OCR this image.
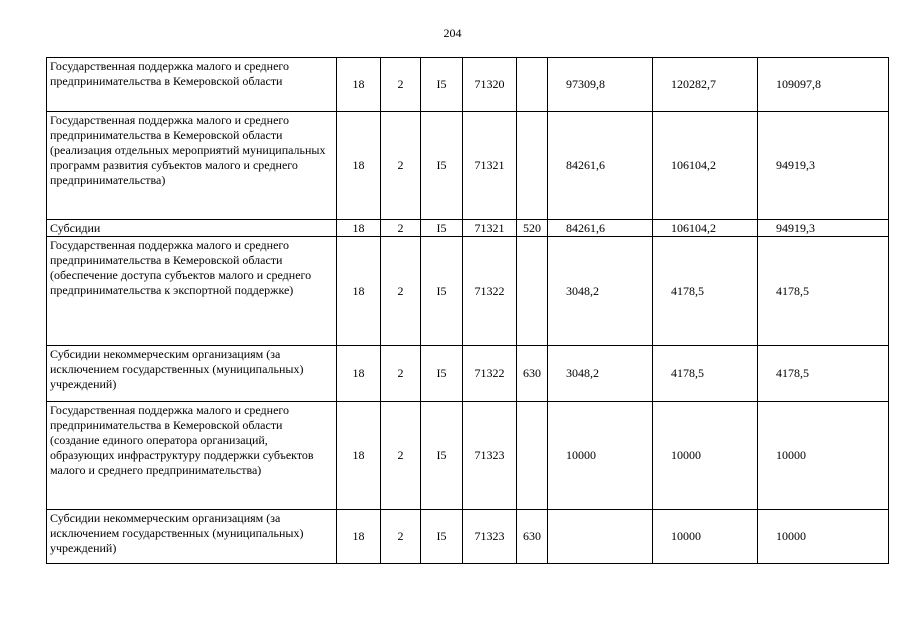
204
Государственная поддержка малого и среднего предпринимательства в Кемеровской области	18	2	I5	71320		97309,8	120282,7	109097,8
Государственная поддержка малого и среднего предпринимательства в Кемеровской области (реализация отдельных мероприятий муниципальных программ развития субъектов малого и среднего предпринимательства)	18	2	I5	71321		84261,6	106104,2	94919,3
Субсидии	18	2	I5	71321	520	84261,6	106104,2	94919,3
Государственная поддержка малого и среднего предпринимательства в Кемеровской области (обеспечение доступа субъектов малого и среднего предпринимательства к экспортной поддержке)	18	2	I5	71322		3048,2	4178,5	4178,5
Субсидии некоммерческим организациям (за исключением государственных (муниципальных) учреждений)	18	2	I5	71322	630	3048,2	4178,5	4178,5
Государственная поддержка малого и среднего предпринимательства в Кемеровской области (создание единого оператора организаций, образующих инфраструктуру поддержки субъектов малого и среднего предпринимательства)	18	2	I5	71323		10000	10000	10000
Субсидии некоммерческим организациям (за исключением государственных (муниципальных) учреждений)	18	2	I5	71323	630		10000	10000
